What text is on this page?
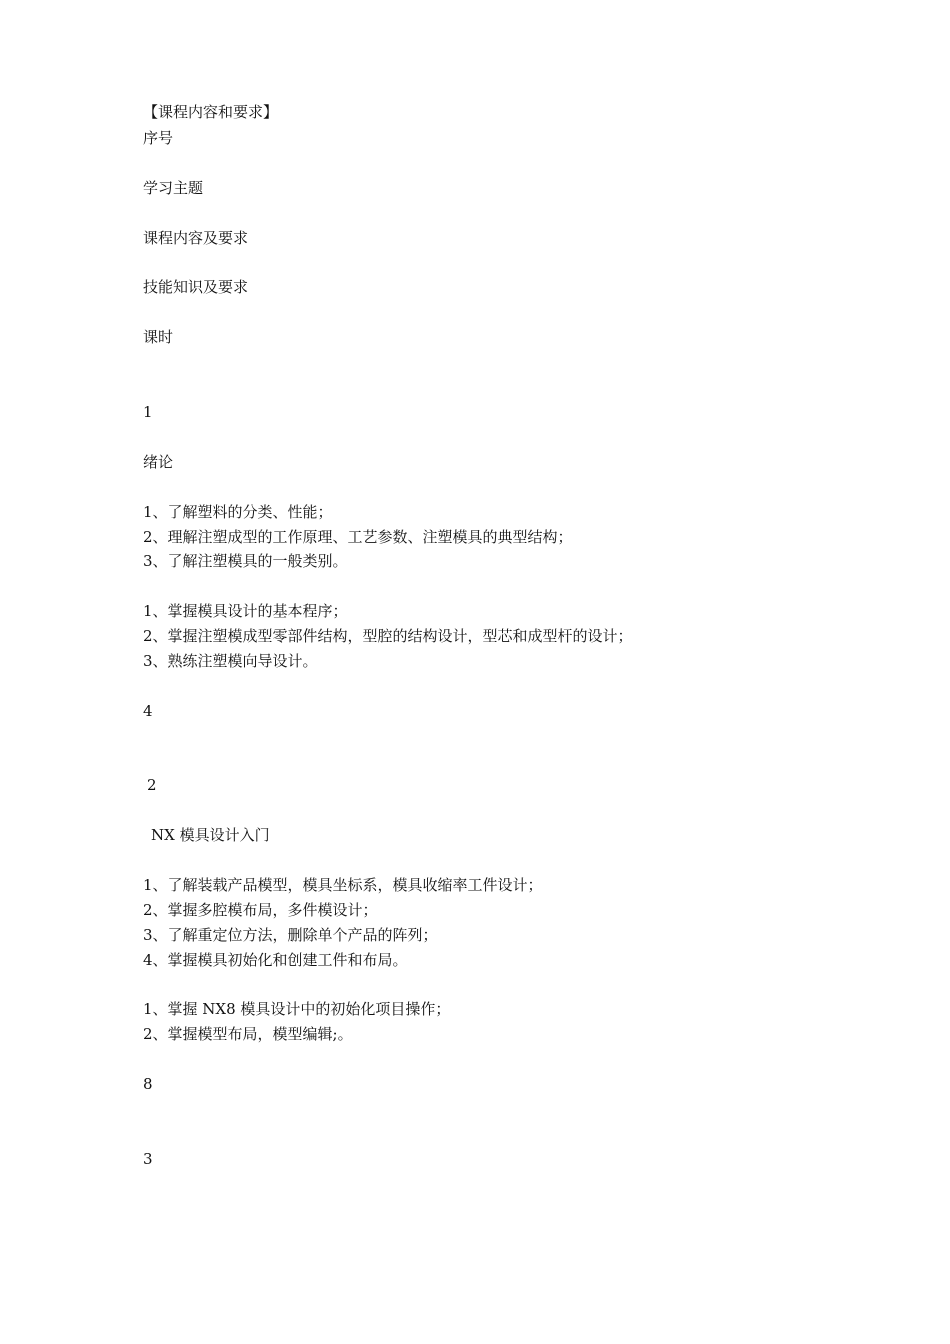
【课程内容和要求】
序号
学习主题
课程内容及要求
技能知识及要求
课时
1
绪论
1、了解塑料的分类、性能；
2、理解注塑成型的工作原理、工艺参数、注塑模具的典型结构；
3、了解注塑模具的一般类别。
1、掌握模具设计的基本程序；
2、掌握注塑模成型零部件结构，型腔的结构设计，型芯和成型杆的设计；
3、熟练注塑模向导设计。
4
2
NX 模具设计入门
1、了解装载产品模型，模具坐标系，模具收缩率工件设计；
2、掌握多腔模布局，多件模设计；
3、了解重定位方法，删除单个产品的阵列；
4、掌握模具初始化和创建工件和布局。
1、掌握 NX8 模具设计中的初始化项目操作；
2、掌握模型布局，模型编辑;。
8
3
